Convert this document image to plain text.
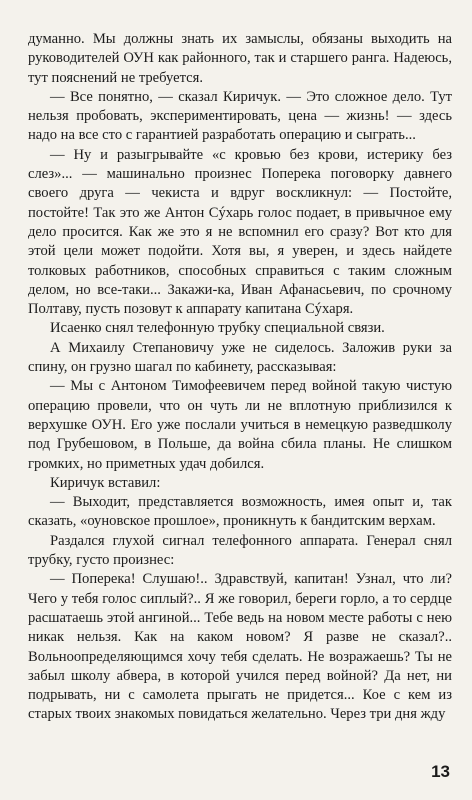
думанно. Мы должны знать их замыслы, обязаны выходить на руководителей ОУН как районного, так и старшего ранга. Надеюсь, тут пояснений не требуется.

— Все понятно, — сказал Киричук. — Это сложное дело. Тут нельзя пробовать, экспериментировать, цена — жизнь! — здесь надо на все сто с гарантией разработать операцию и сыграть...

— Ну и разыгрывайте «с кровью без крови, истерику без слез»... — машинально произнес Поперека поговорку давнего своего друга — чекиста и вдруг воскликнул: — Постойте, постойте! Так это же Антон Сýхарь голос подает, в привычное ему дело просится. Как же это я не вспомнил его сразу? Вот кто для этой цели может подойти. Хотя вы, я уверен, и здесь найдете толковых работников, способных справиться с таким сложным делом, но все-таки... Закажи-ка, Иван Афанасьевич, по срочному Полтаву, пусть позовут к аппарату капитана Сýхаря.

Исаенко снял телефонную трубку специальной связи.

А Михаилу Степановичу уже не сиделось. Заложив руки за спину, он грузно шагал по кабинету, рассказывая:

— Мы с Антоном Тимофеевичем перед войной такую чистую операцию провели, что он чуть ли не вплотную приблизился к верхушке ОУН. Его уже послали учиться в немецкую разведшколу под Грубешовом, в Польше, да война сбила планы. Не слишком громких, но приметных удач добился.

Киричук вставил:

— Выходит, представляется возможность, имея опыт и, так сказать, «оуновское прошлое», проникнуть к бандитским верхам.

Раздался глухой сигнал телефонного аппарата. Генерал снял трубку, густо произнес:

— Поперека! Слушаю!.. Здравствуй, капитан! Узнал, что ли? Чего у тебя голос сиплый?.. Я же говорил, береги горло, а то сердце расшатаешь этой ангиной... Тебе ведь на новом месте работы с нею никак нельзя. Как на каком новом? Я разве не сказал?.. Вольноопределяющимся хочу тебя сделать. Не возражаешь? Ты не забыл школу абвера, в которой учился перед войной? Да нет, ни подрывать, ни с самолета прыгать не придется... Кое с кем из старых твоих знакомых повидаться желательно. Через три дня жду

13
